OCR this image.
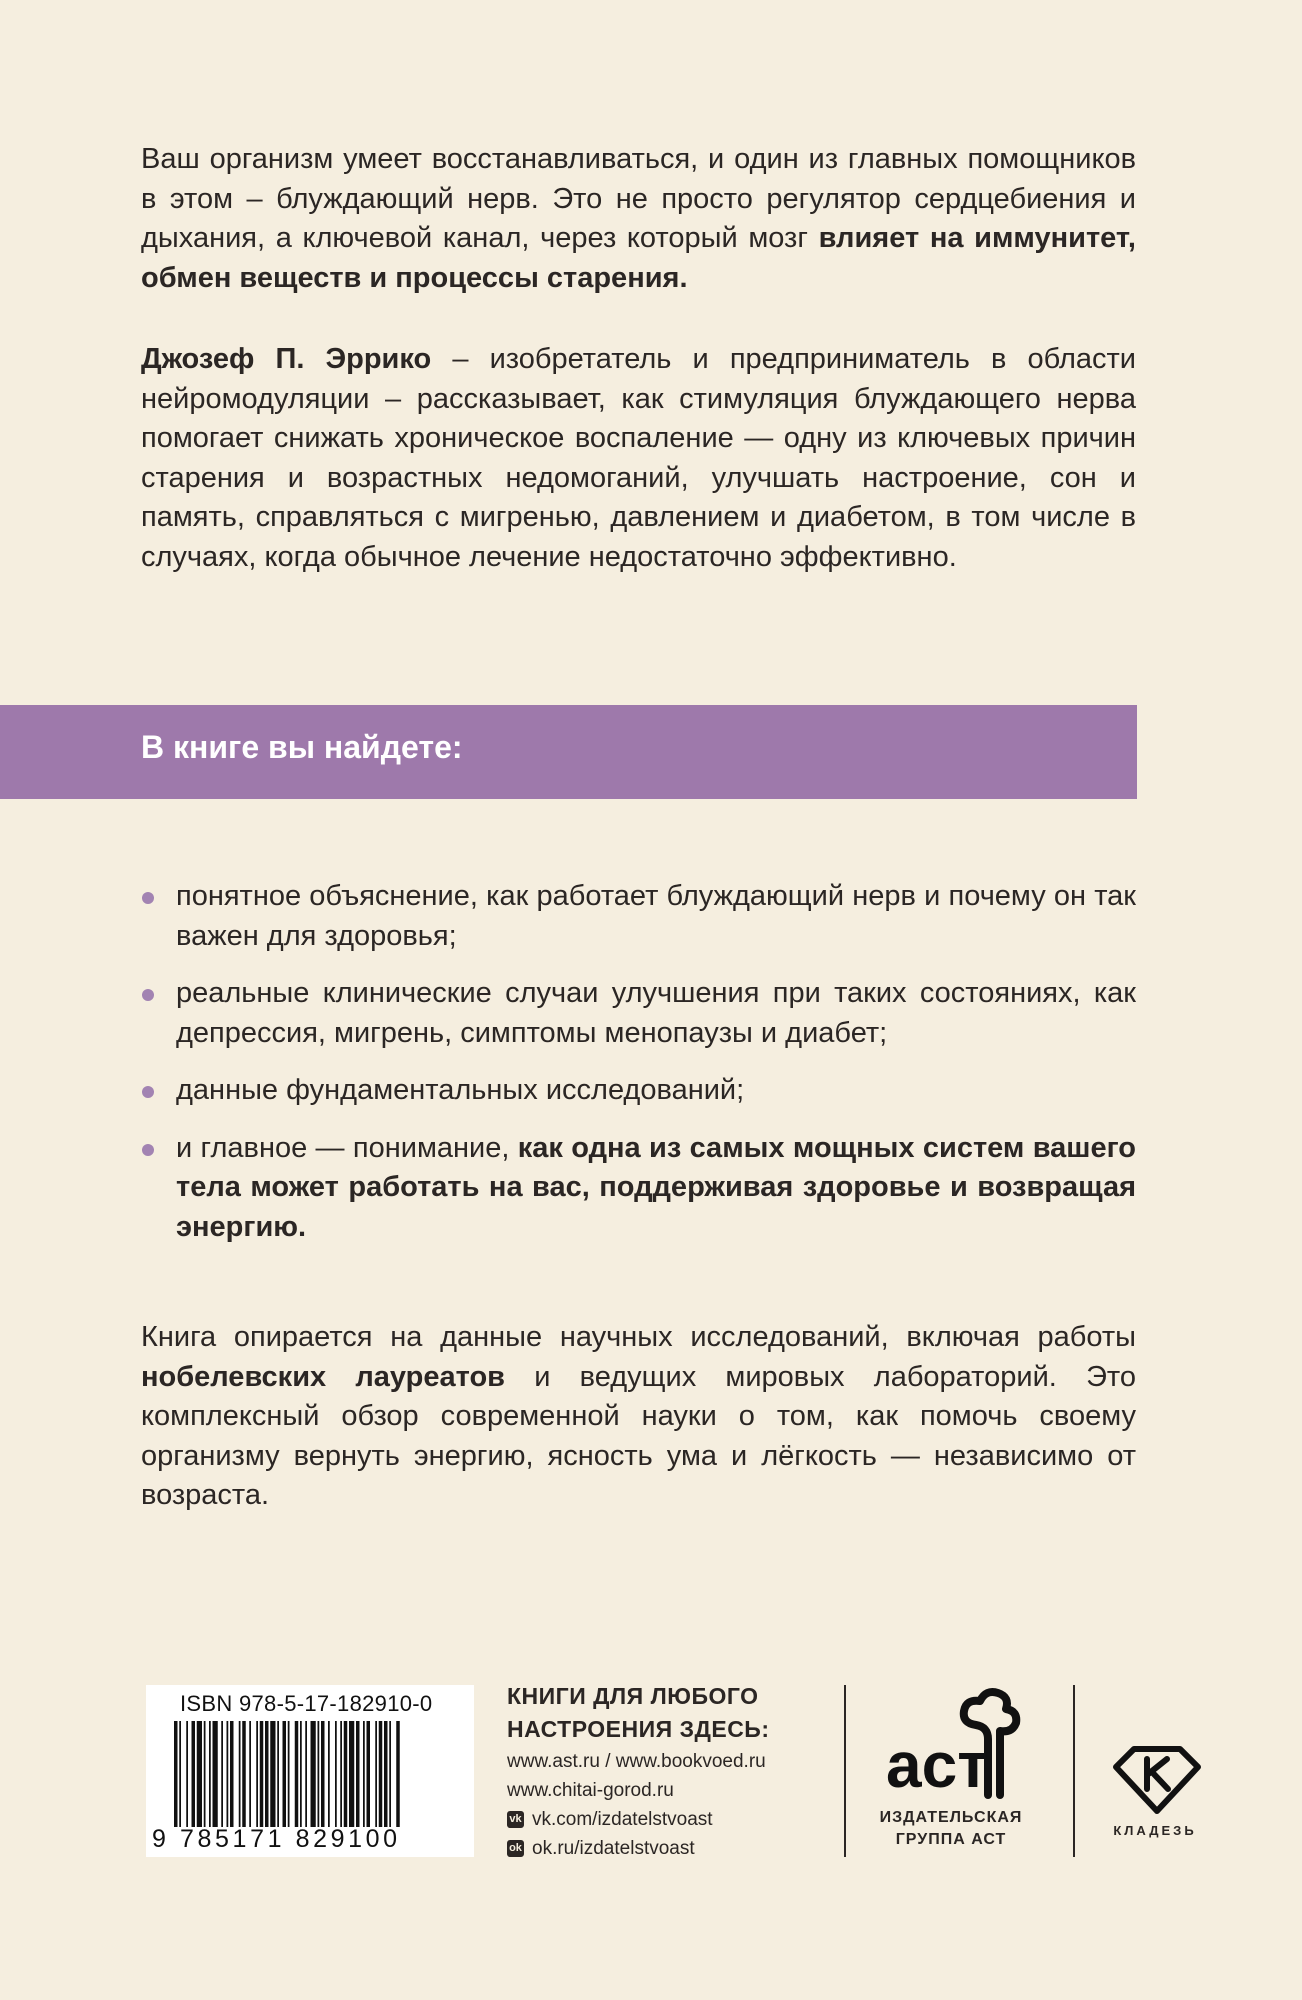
Ваш организм умеет восстанавливаться, и один из главных помощников в этом – блуждающий нерв. Это не просто регулятор сердцебиения и дыхания, а ключевой канал, через который мозг влияет на иммунитет, обмен веществ и процессы старения.

Джозеф П. Эррико – изобретатель и предприниматель в области нейромодуляции – рассказывает, как стимуляция блуждающего нерва помогает снижать хроническое воспаление — одну из ключевых причин старения и возрастных недомоганий, улучшать настроение, сон и память, справляться с мигренью, давлением и диабетом, в том числе в случаях, когда обычное лечение недостаточно эффективно.

В книге вы найдете:

понятное объяснение, как работает блуждающий нерв и почему он так важен для здоровья;
реальные клинические случаи улучшения при таких состояниях, как депрессия, мигрень, симптомы менопаузы и диабет;
данные фундаментальных исследований;
и главное — понимание, как одна из самых мощных систем вашего тела может работать на вас, поддерживая здоровье и возвращая энергию.

Книга опирается на данные научных исследований, включая работы нобелевских лауреатов и ведущих мировых лабораторий. Это комплексный обзор современной науки о том, как помочь своему организму вернуть энергию, ясность ума и лёгкость — независимо от возраста.

ISBN 978-5-17-182910-0
9 785171 829100
КНИГИ ДЛЯ ЛЮБОГО
НАСТРОЕНИЯ ЗДЕСЬ:
www.ast.ru / www.bookvoed.ru
www.chitai-gorod.ru
vk vk.com/izdatelstvoast
ok ok.ru/izdatelstvoast
аст
ИЗДАТЕЛЬСКАЯ
ГРУППА АСТ
КЛАДЕЗЬ
